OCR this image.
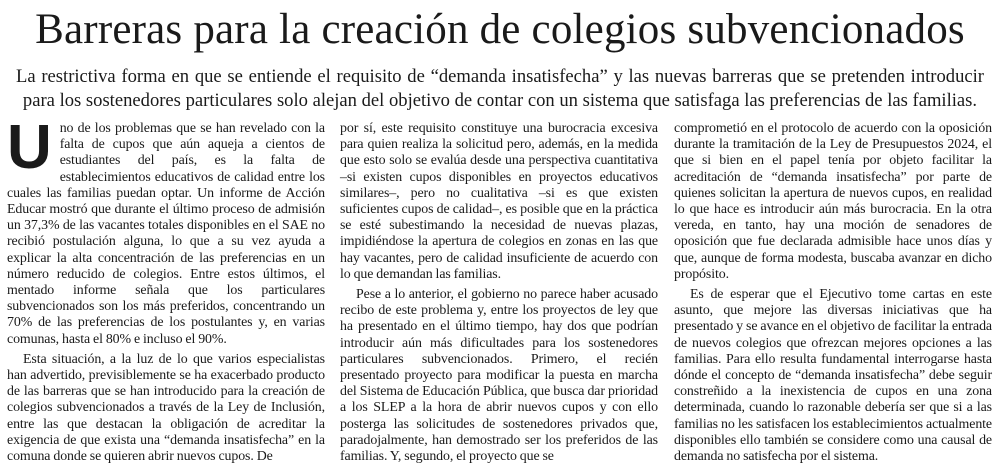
Barreras para la creación de colegios subvencionados

La restrictiva forma en que se entiende el requisito de “demanda insatisfecha” y las nuevas barreras que se pretenden introducir para los sostenedores particulares solo alejan del objetivo de contar con un sistema que satisfaga las preferencias de las familias.

Uno de los problemas que se han revelado con la falta de cupos que aún aqueja a cientos de estudiantes del país, es la falta de establecimientos educativos de calidad entre los cuales las familias puedan optar. Un informe de Acción Educar mostró que durante el último proceso de admisión un 37,3% de las vacantes totales disponibles en el SAE no recibió postulación alguna, lo que a su vez ayuda a explicar la alta concentración de las preferencias en un número reducido de colegios. Entre estos últimos, el mentado informe señala que los particulares subvencionados son los más preferidos, concentrando un 70% de las preferencias de los postulantes y, en varias comunas, hasta el 80% e incluso el 90%.

Esta situación, a la luz de lo que varios especialistas han advertido, previsiblemente se ha exacerbado producto de las barreras que se han introducido para la creación de colegios subvencionados a través de la Ley de Inclusión, entre las que destacan la obligación de acreditar la exigencia de que exista una “demanda insatisfecha” en la comuna donde se quieren abrir nuevos cupos. De

por sí, este requisito constituye una burocracia excesiva para quien realiza la solicitud pero, además, en la medida que esto solo se evalúa desde una perspectiva cuantitativa –si existen cupos disponibles en proyectos educativos similares–, pero no cualitativa –si es que existen suficientes cupos de calidad–, es posible que en la práctica se esté subestimando la necesidad de nuevas plazas, impidiéndose la apertura de colegios en zonas en las que hay vacantes, pero de calidad insuficiente de acuerdo con lo que demandan las familias.

Pese a lo anterior, el gobierno no parece haber acusado recibo de este problema y, entre los proyectos de ley que ha presentado en el último tiempo, hay dos que podrían introducir aún más dificultades para los sostenedores particulares subvencionados. Primero, el recién presentado proyecto para modificar la puesta en marcha del Sistema de Educación Pública, que busca dar prioridad a los SLEP a la hora de abrir nuevos cupos y con ello posterga las solicitudes de sostenedores privados que, paradojalmente, han demostrado ser los preferidos de las familias. Y, segundo, el proyecto que se

comprometió en el protocolo de acuerdo con la oposición durante la tramitación de la Ley de Presupuestos 2024, el que si bien en el papel tenía por objeto facilitar la acreditación de “demanda insatisfecha” por parte de quienes solicitan la apertura de nuevos cupos, en realidad lo que hace es introducir aún más burocracia. En la otra vereda, en tanto, hay una moción de senadores de oposición que fue declarada admisible hace unos días y que, aunque de forma modesta, buscaba avanzar en dicho propósito.

Es de esperar que el Ejecutivo tome cartas en este asunto, que mejore las diversas iniciativas que ha presentado y se avance en el objetivo de facilitar la entrada de nuevos colegios que ofrezcan mejores opciones a las familias. Para ello resulta fundamental interrogarse hasta dónde el concepto de “demanda insatisfecha” debe seguir constreñido a la inexistencia de cupos en una zona determinada, cuando lo razonable debería ser que si a las familias no les satisfacen los establecimientos actualmente disponibles ello también se considere como una causal de demanda no satisfecha por el sistema.
